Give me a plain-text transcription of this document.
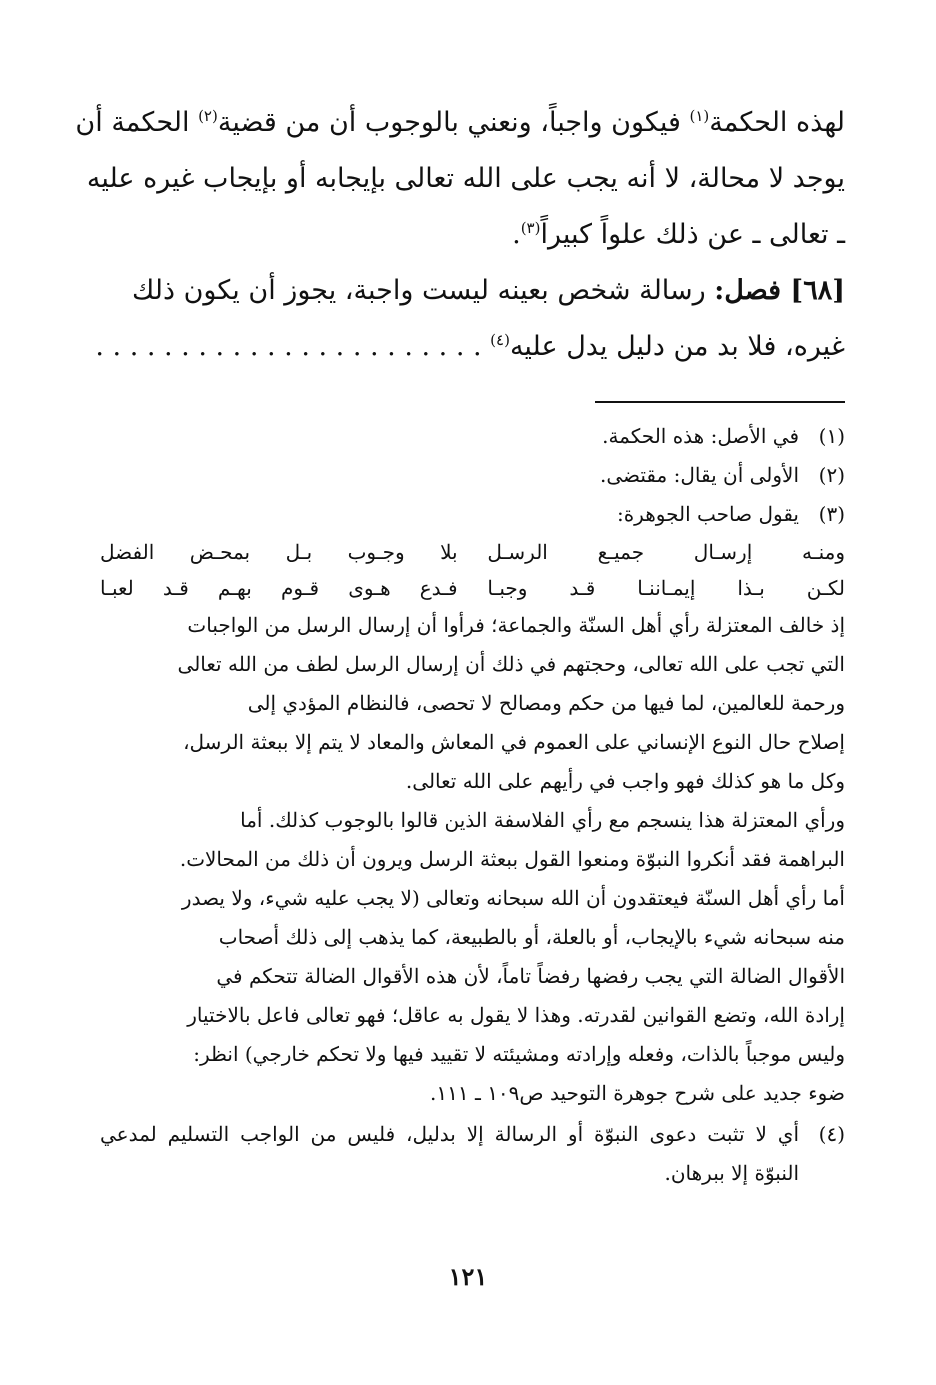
لهذه الحكمة$^{(١)}$ فيكون واجباً، ونعني بالوجوب أن من قضية$^{(٢)}$ الحكمة أن

يوجد لا محالة، لا أنه يجب على الله تعالى بإيجابه أو بإيجاب غيره عليه

ـ تعالى ـ عن ذلك علواً كبيراً$^{(٣)}$.

[٦٨] فصل: رسالة شخص بعينه ليست واجبة، يجوز أن يكون ذلك

غيره، فلا بد من دليل يدل عليه$^{(٤)}$ . . . . . . . . . . . . . . . . . . . . . . .

(١)في الأصل: هذه الحكمة.
(٢)الأولى أن يقال: مقتضى.
(٣)يقول صاحب الجوهرة:
ومنـه إرسـال جميـع الرسـل
بلا وجـوب بـل بمحـض الفضل
لكـن بـذا إيمـاننـا قـد وجبـا
فـدع هـوى قـوم بهـم قـد لعبـا
إذ خالف المعتزلة رأي أهل السنّة والجماعة؛ فرأوا أن إرسال الرسل من الواجبات
التي تجب على الله تعالى، وحجتهم في ذلك أن إرسال الرسل لطف من الله تعالى
ورحمة للعالمين، لما فيها من حكم ومصالح لا تحصى، فالنظام المؤدي إلى
إصلاح حال النوع الإنساني على العموم في المعاش والمعاد لا يتم إلا ببعثة الرسل،
وكل ما هو كذلك فهو واجب في رأيهم على الله تعالى.
ورأي المعتزلة هذا ينسجم مع رأي الفلاسفة الذين قالوا بالوجوب كذلك. أما
البراهمة فقد أنكروا النبوّة ومنعوا القول ببعثة الرسل ويرون أن ذلك من المحالات.
أما رأي أهل السنّة فيعتقدون أن الله سبحانه وتعالى (لا يجب عليه شيء، ولا يصدر
منه سبحانه شيء بالإيجاب، أو بالعلة، أو بالطبيعة، كما يذهب إلى ذلك أصحاب
الأقوال الضالة التي يجب رفضها رفضاً تاماً، لأن هذه الأقوال الضالة تتحكم في
إرادة الله، وتضع القوانين لقدرته. وهذا لا يقول به عاقل؛ فهو تعالى فاعل بالاختيار
وليس موجباً بالذات، وفعله وإرادته ومشيئته لا تقييد فيها ولا تحكم خارجي) انظر:
ضوء جديد على شرح جوهرة التوحيد ص١٠٩ ـ ١١١.
(٤)أي لا تثبت دعوى النبوّة أو الرسالة إلا بدليل، فليس من الواجب التسليم لمدعي
النبوّة إلا ببرهان.
١٢١
